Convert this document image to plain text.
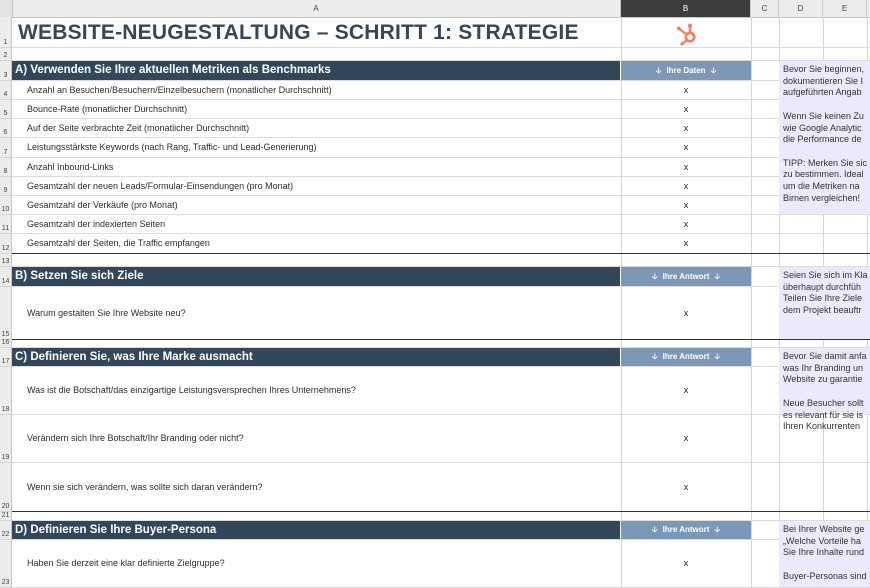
A	B	C	D	E
1
2
3
4
5
6
7
8
9
10
11
12
13
14
15
16
17
18
19
20
21
22
23
WEBSITE-NEUGESTALTUNG – SCHRITT 1: STRATEGIE
A) Verwenden Sie Ihre aktuellen Metriken als Benchmarks	🡣 Ihre Daten 🡣	Bevor Sie beginnen,
dokumentieren Sie I
aufgeführten Angab

Wenn Sie keinen Zu
wie Google Analytic
die Performance de

TIPP: Merken Sie sic
zu bestimmen. Ideal
um die Metriken na
Birnen vergleichen!
Anzahl an Besuchen/Besuchern/Einzelbesuchern (monatlicher Durchschnitt)	x
Bounce-Rate (monatlicher Durchschnitt)	x
Auf der Seite verbrachte Zeit (monatlicher Durchschnitt)	x
Leistungsstärkste Keywords (nach Rang, Traffic- und Lead-Generierung)	x
Anzahl Inbound-Links	x
Gesamtzahl der neuen Leads/Formular-Einsendungen (pro Monat)	x
Gesamtzahl der Verkäufe (pro Monat)	x
Gesamtzahl der indexierten Seiten	x
Gesamtzahl der Seiten, die Traffic empfangen	x
B) Setzen Sie sich Ziele	🡣 Ihre Antwort 🡣	Seien Sie sich im Kla
überhaupt durchfüh
Teilen Sie Ihre Ziele
dem Projekt beauftr
Warum gestalten Sie Ihre Website neu?	x
C) Definieren Sie, was Ihre Marke ausmacht	🡣 Ihre Antwort 🡣	Bevor Sie damit anfa
was Ihr Branding un
Website zu garantie

Neue Besucher sollt
es relevant für sie is
Ihren Konkurrenten
Was ist die Botschaft/das einzigartige Leistungsversprechen Ihres Unternehmens?	x
Verändern sich Ihre Botschaft/Ihr Branding oder nicht?	x
Wenn sie sich verändern, was sollte sich daran verändern?	x
D) Definieren Sie Ihre Buyer-Persona	🡣 Ihre Antwort 🡣	Bei Ihrer Website ge
„Welche Vorteile ha
Sie Ihre Inhalte rund

Buyer-Personas sind
Haben Sie derzeit eine klar definierte Zielgruppe?	x
